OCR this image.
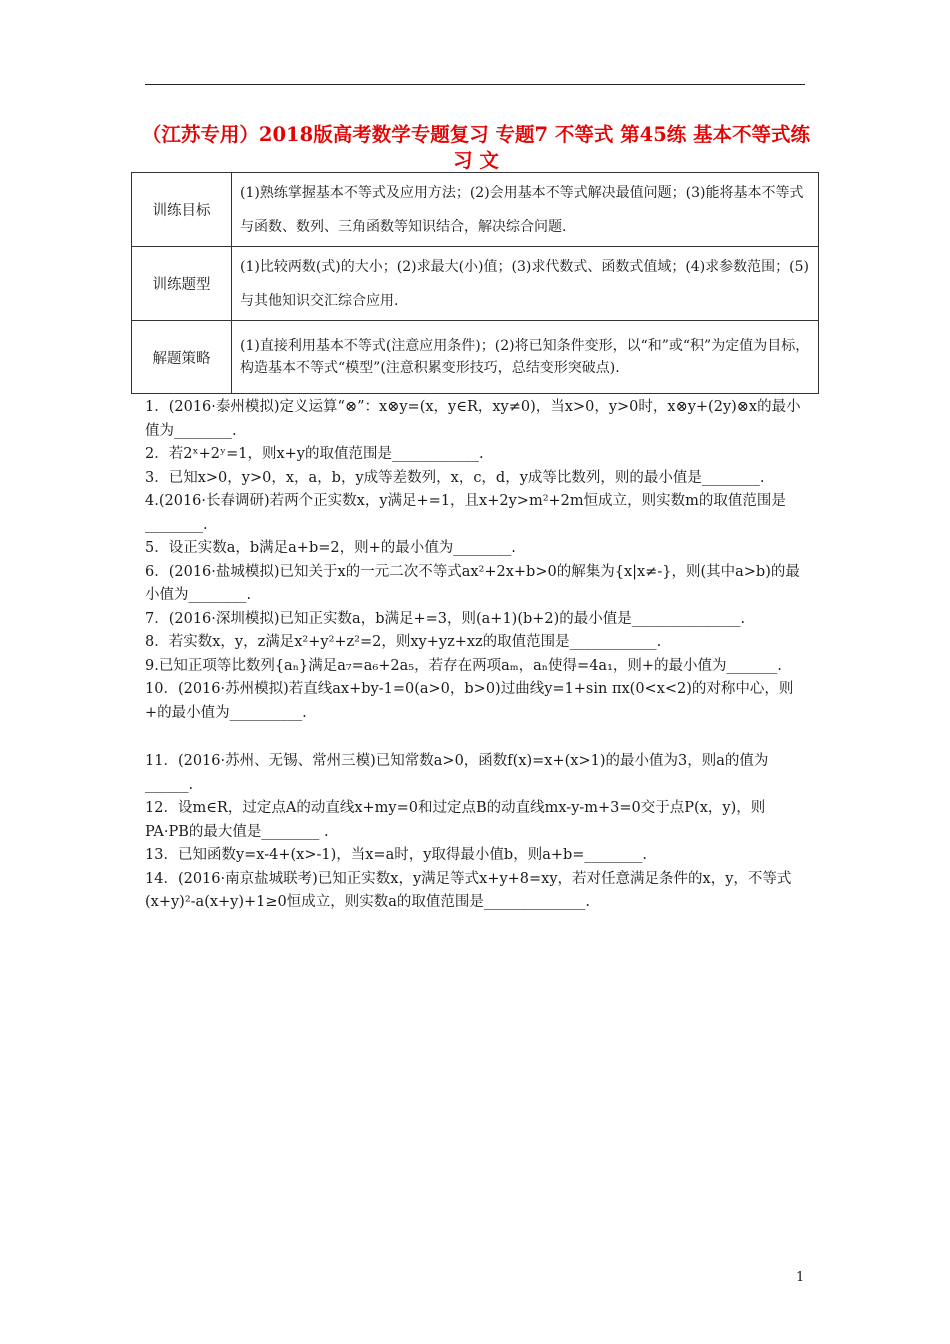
（江苏专用）2018版高考数学专题复习 专题7 不等式 第45练 基本不等式练习 文
训练目标	(1)熟练掌握基本不等式及应用方法；(2)会用基本不等式解决最值问题；(3)能将基本不等式与函数、数列、三角函数等知识结合，解决综合问题.
训练题型	(1)比较两数(式)的大小；(2)求最大(小)值；(3)求代数式、函数式值域；(4)求参数范围；(5)与其他知识交汇综合应用.
解题策略	(1)直接利用基本不等式(注意应用条件)；(2)将已知条件变形，以“和”或“积”为定值为目标，构造基本不等式“模型”(注意积累变形技巧，总结变形突破点).

1．(2016·泰州模拟)定义运算“⊗”：x⊗y=(x，y∈R，xy≠0)，当x>0，y>0时，x⊗y+(2y)⊗x的最小值为________.

2．若2ˣ+2ʸ=1，则x+y的取值范围是____________.

3．已知x>0，y>0，x，a，b，y成等差数列，x，c，d，y成等比数列，则的最小值是________.

4.(2016·长春调研)若两个正实数x，y满足+=1，且x+2y>m²+2m恒成立，则实数m的取值范围是________.

5．设正实数a，b满足a+b=2，则+的最小值为________.

6．(2016·盐城模拟)已知关于x的一元二次不等式ax²+2x+b>0的解集为{x|x≠-}，则(其中a>b)的最小值为________.

7．(2016·深圳模拟)已知正实数a，b满足+=3，则(a+1)(b+2)的最小值是_______________.

8．若实数x，y，z满足x²+y²+z²=2，则xy+yz+xz的取值范围是____________.

9.已知正项等比数列{aₙ}满足a₇=a₆+2a₅，若存在两项aₘ，aₙ使得=4a₁，则+的最小值为_______.

10．(2016·苏州模拟)若直线ax+by-1=0(a>0，b>0)过曲线y=1+sin πx(0<x<2)的对称中心，则+的最小值为__________.

11．(2016·苏州、无锡、常州三模)已知常数a>0，函数f(x)=x+(x>1)的最小值为3，则a的值为______.

12．设m∈R，过定点A的动直线x+my=0和过定点B的动直线mx-y-m+3=0交于点P(x，y)，则PA·PB的最大值是________ .

13．已知函数y=x-4+(x>-1)，当x=a时，y取得最小值b，则a+b=________.

14．(2016·南京盐城联考)已知正实数x，y满足等式x+y+8=xy，若对任意满足条件的x，y，不等式(x+y)²-a(x+y)+1≥0恒成立，则实数a的取值范围是______________.

1
